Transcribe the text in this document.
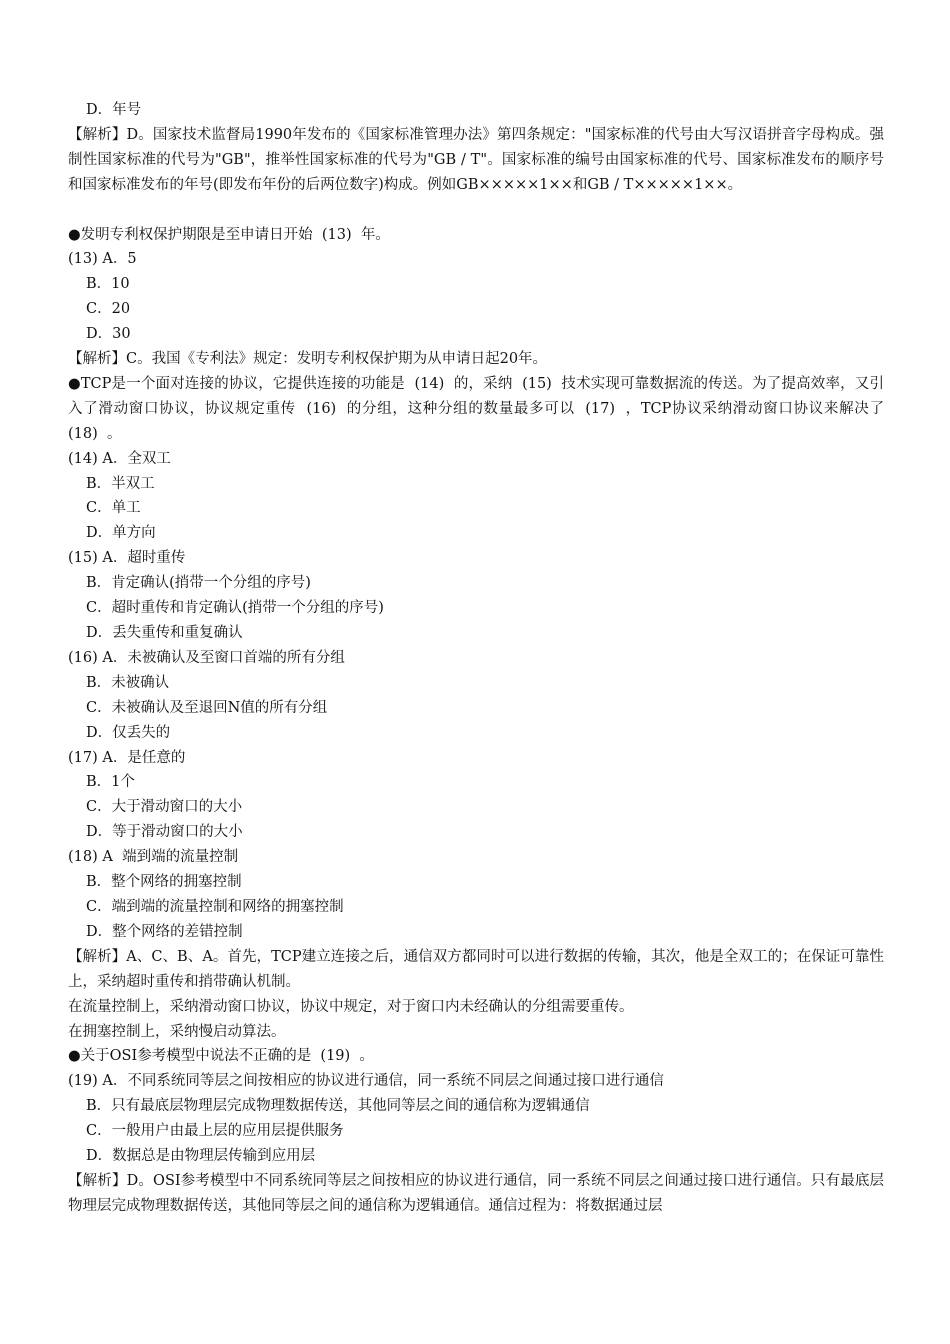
D．年号
【解析】D。国家技术监督局1990年发布的《国家标准管理办法》第四条规定："国家标准的代号由大写汉语拼音字母构成。强制性国家标准的代号为"GB"，推举性国家标准的代号为"GB / T"。国家标准的编号由国家标准的代号、国家标准发布的顺序号和国家标准发布的年号(即发布年份的后两位数字)构成。例如GB×××××1××和GB / T×××××1××。
●发明专利权保护期限是至申请日开始  (13)  年。
(13) A．5
B．10
C．20
D．30
【解析】C。我国《专利法》规定：发明专利权保护期为从申请日起20年。
●TCP是一个面对连接的协议，它提供连接的功能是  (14)  的，采纳  (15)  技术实现可靠数据流的传送。为了提高效率，又引入了滑动窗口协议，协议规定重传  (16)  的分组，这种分组的数量最多可以  (17)  ，TCP协议采纳滑动窗口协议来解决了  (18)  。
(14) A．全双工
B．半双工
C．单工
D．单方向
(15) A．超时重传
B．肯定确认(捎带一个分组的序号)
C．超时重传和肯定确认(捎带一个分组的序号)
D．丢失重传和重复确认
(16) A．未被确认及至窗口首端的所有分组
B．未被确认
C．未被确认及至退回N值的所有分组
D．仅丢失的
(17) A．是任意的
B．1个
C．大于滑动窗口的大小
D．等于滑动窗口的大小
(18) A  端到端的流量控制
B．整个网络的拥塞控制
C．端到端的流量控制和网络的拥塞控制
D．整个网络的差错控制
【解析】A、C、B、A。首先，TCP建立连接之后，通信双方都同时可以进行数据的传输，其次，他是全双工的；在保证可靠性上，采纳超时重传和捎带确认机制。
在流量控制上，采纳滑动窗口协议，协议中规定，对于窗口内未经确认的分组需要重传。
在拥塞控制上，采纳慢启动算法。
●关于OSI参考模型中说法不正确的是  (19)  。
(19) A．不同系统同等层之间按相应的协议进行通信，同一系统不同层之间通过接口进行通信
B．只有最底层物理层完成物理数据传送，其他同等层之间的通信称为逻辑通信
C．一般用户由最上层的应用层提供服务
D．数据总是由物理层传输到应用层
【解析】D。OSI参考模型中不同系统同等层之间按相应的协议进行通信，同一系统不同层之间通过接口进行通信。只有最底层物理层完成物理数据传送，其他同等层之间的通信称为逻辑通信。通信过程为：将数据通过层
